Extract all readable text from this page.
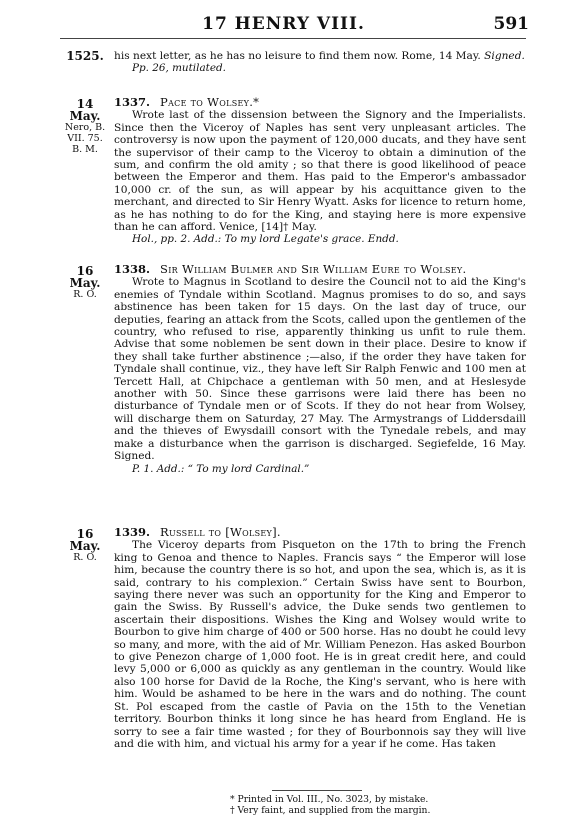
17 HENRY VIII.	591
1525. his next letter, as he has no leisure to find them now. Rome, 14 May. Signed.
Pp. 26, mutilated.
14 May.
Nero, B. VII. 75.
B. M.
1337. Pace to Wolsey.*

Wrote last of the dissension between the Signory and the Imperialists. Since then the Viceroy of Naples has sent very unpleasant articles. The controversy is now upon the payment of 120,000 ducats, and they have sent the supervisor of their camp to the Viceroy to obtain a diminution of the sum, and confirm the old amity ; so that there is good likelihood of peace between the Emperor and them. Has paid to the Emperor's ambassador 10,000 cr. of the sun, as will appear by his acquittance given to the merchant, and directed to Sir Henry Wyatt. Asks for licence to return home, as he has nothing to do for the King, and staying here is more expensive than he can afford. Venice, [14]† May.

Hol., pp. 2. Add.: To my lord Legate's grace. Endd.
16 May.
R. O.
1338. Sir William Bulmer and Sir William Eure to Wolsey.

Wrote to Magnus in Scotland to desire the Council not to aid the King's enemies of Tyndale within Scotland. Magnus promises to do so, and says abstinence has been taken for 15 days. On the last day of truce, our deputies, fearing an attack from the Scots, called upon the gentlemen of the country, who refused to rise, apparently thinking us unfit to rule them. Advise that some noblemen be sent down in their place. Desire to know if they shall take further abstinence ;—also, if the order they have taken for Tyndale shall continue, viz., they have left Sir Ralph Fenwic and 100 men at Tercett Hall, at Chipchace a gentleman with 50 men, and at Heslesyde another with 50. Since these garrisons were laid there has been no disturbance of Tyndale men or of Scots. If they do not hear from Wolsey, will discharge them on Saturday, 27 May. The Armystrangs of Liddersdaill and the thieves of Ewysdaill consort with the Tynedale rebels, and may make a disturbance when the garrison is discharged. Segiefelde, 16 May. Signed.

P. 1. Add.: “ To my lord Cardinal.”
16 May.
R. O.
1339. Russell to [Wolsey].

The Viceroy departs from Pisqueton on the 17th to bring the French king to Genoa and thence to Naples. Francis says “ the Emperor will lose him, because the country there is so hot, and upon the sea, which is, as it is said, contrary to his complexion.” Certain Swiss have sent to Bourbon, saying there never was such an opportunity for the King and Emperor to gain the Swiss. By Russell's advice, the Duke sends two gentlemen to ascertain their dispositions. Wishes the King and Wolsey would write to Bourbon to give him charge of 400 or 500 horse. Has no doubt he could levy so many, and more, with the aid of Mr. William Penezon. Has asked Bourbon to give Penezon charge of 1,000 foot. He is in great credit here, and could levy 5,000 or 6,000 as quickly as any gentleman in the country. Would like also 100 horse for David de la Roche, the King's servant, who is here with him. Would be ashamed to be here in the wars and do nothing. The count St. Pol escaped from the castle of Pavia on the 15th to the Venetian territory. Bourbon thinks it long since he has heard from England. He is sorry to see a fair time wasted ; for they of Bourbonnois say they will live and die with him, and victual his army for a year if he come. Has taken

* Printed in Vol. III., No. 3023, by mistake.
† Very faint, and supplied from the margin.
